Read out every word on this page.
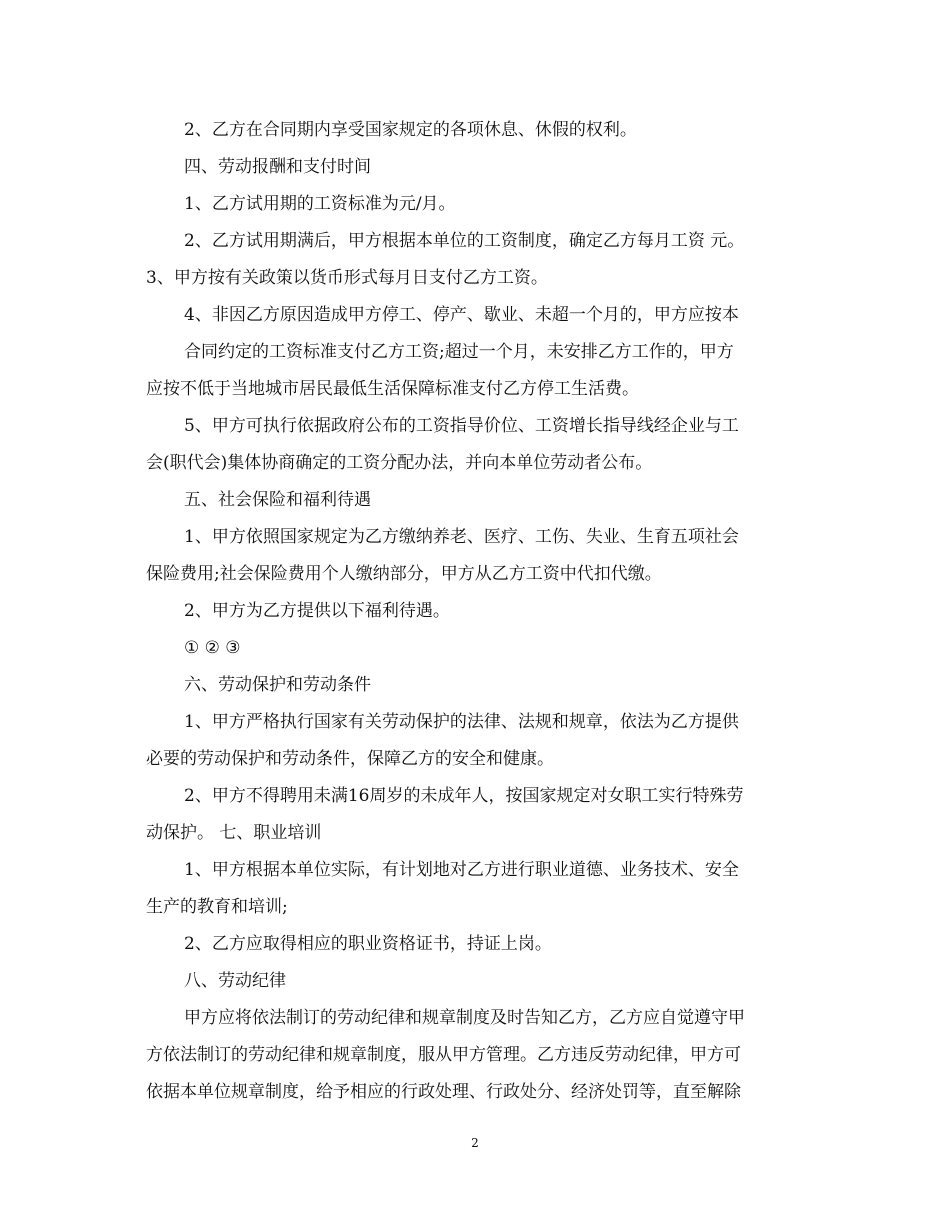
2、乙方在合同期内享受国家规定的各项休息、休假的权利。
四、劳动报酬和支付时间
1、乙方试用期的工资标准为元/月。
2、乙方试用期满后，甲方根据本单位的工资制度，确定乙方每月工资 元。
3、甲方按有关政策以货币形式每月日支付乙方工资。
4、非因乙方原因造成甲方停工、停产、歇业、未超一个月的，甲方应按本
合同约定的工资标准支付乙方工资;超过一个月，未安排乙方工作的，甲方
应按不低于当地城市居民最低生活保障标准支付乙方停工生活费。
5、甲方可执行依据政府公布的工资指导价位、工资增长指导线经企业与工
会(职代会)集体协商确定的工资分配办法，并向本单位劳动者公布。
五、社会保险和福利待遇
1、甲方依照国家规定为乙方缴纳养老、医疗、工伤、失业、生育五项社会
保险费用;社会保险费用个人缴纳部分，甲方从乙方工资中代扣代缴。
2、甲方为乙方提供以下福利待遇。
① ② ③
六、劳动保护和劳动条件
1、甲方严格执行国家有关劳动保护的法律、法规和规章，依法为乙方提供
必要的劳动保护和劳动条件，保障乙方的安全和健康。
2、甲方不得聘用未满16周岁的未成年人，按国家规定对女职工实行特殊劳
动保护。 七、职业培训
1、甲方根据本单位实际，有计划地对乙方进行职业道德、业务技术、安全
生产的教育和培训;
2、乙方应取得相应的职业资格证书，持证上岗。
八、劳动纪律
甲方应将依法制订的劳动纪律和规章制度及时告知乙方，乙方应自觉遵守甲
方依法制订的劳动纪律和规章制度，服从甲方管理。乙方违反劳动纪律，甲方可
依据本单位规章制度，给予相应的行政处理、行政处分、经济处罚等，直至解除
2
